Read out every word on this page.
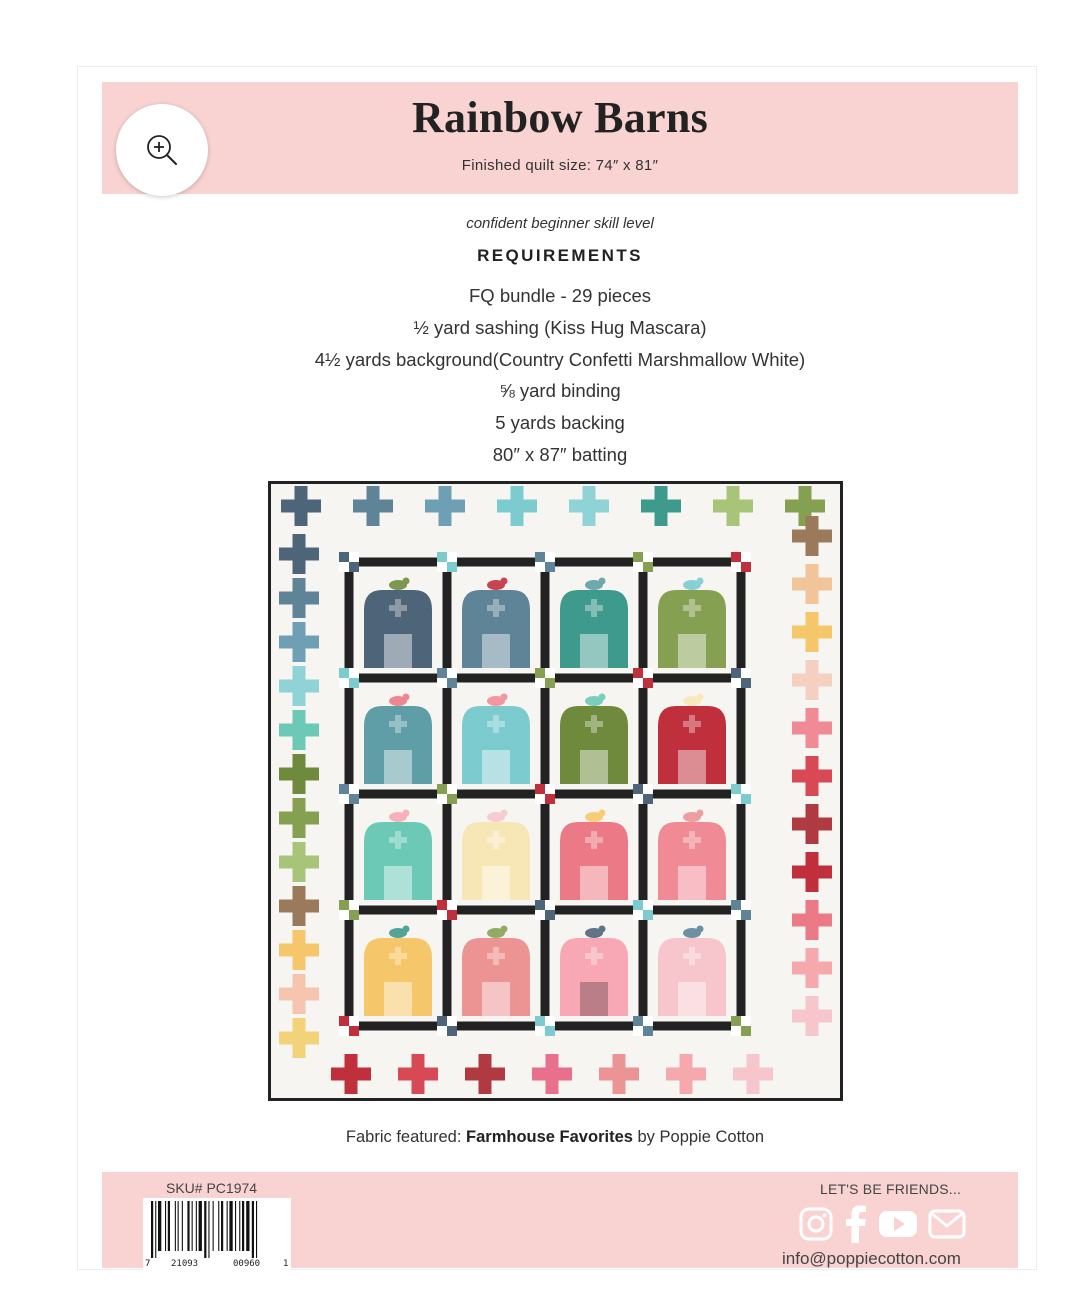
Rainbow Barns
Finished quilt size: 74″ x 81″
confident beginner skill level
REQUIREMENTS
FQ bundle - 29 pieces
½ yard sashing (Kiss Hug Mascara)
4½ yards background(Country Confetti Marshmallow White)
⅝ yard binding
5 yards backing
80″ x 87″ batting
Fabric featured: Farmhouse Favorites by Poppie Cotton
SKU# PC1974
7 21093	00960	1
LET'S BE FRIENDS...
info@poppiecotton.com
